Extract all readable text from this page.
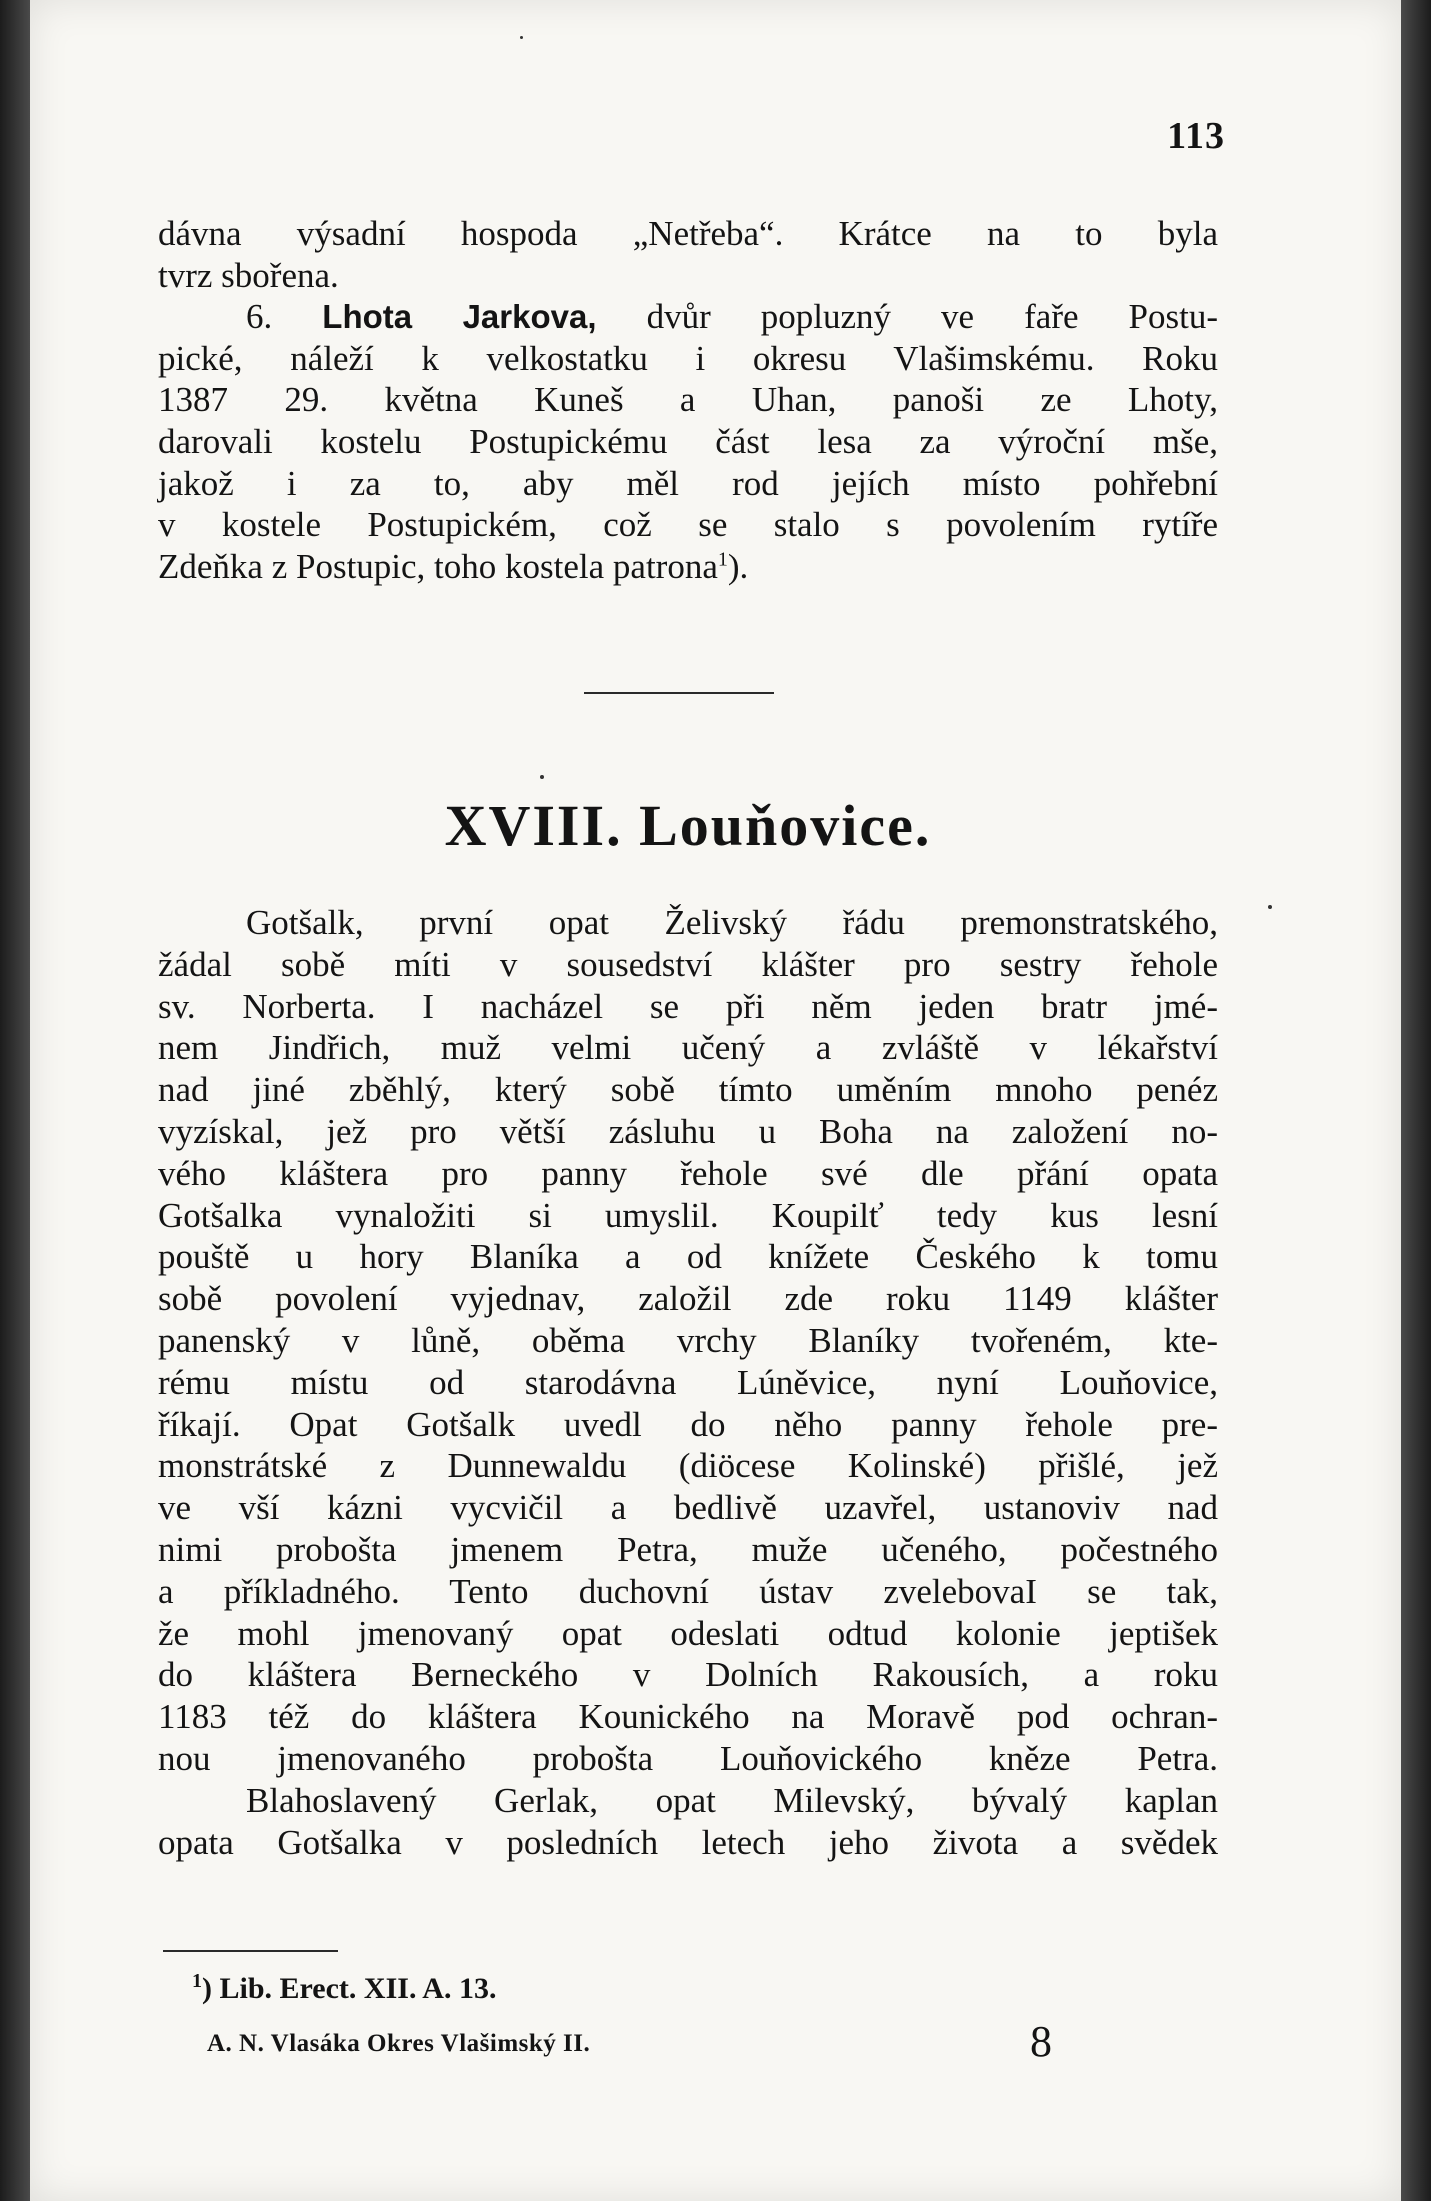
113
dávna výsadní hospoda „Netřeba“. Krátce na to byla
tvrz sbořena.
6. Lhota Jarkova, dvůr popluzný ve faře Postu-
pické, náleží k velkostatku i okresu Vlašimskému. Roku
1387 29. května Kuneš a Uhan, panoši ze Lhoty,
darovali kostelu Postupickému část lesa za výroční mše,
jakož i za to, aby měl rod jejích místo pohřební
v kostele Postupickém, což se stalo s povolením rytíře
Zdeňka z Postupic, toho kostela patrona$^1$).
XVIII. Louňovice.
Gotšalk, první opat Želivský řádu premonstratského,
žádal sobě míti v sousedství klášter pro sestry řehole
sv. Norberta. I nacházel se při něm jeden bratr jmé-
nem Jindřich, muž velmi učený a zvláště v lékařství
nad jiné zběhlý, který sobě tímto uměním mnoho penéz
vyzískal, jež pro větší zásluhu u Boha na založení no-
vého kláštera pro panny řehole své dle přání opata
Gotšalka vynaložiti si umyslil. Koupilť tedy kus lesní
pouště u hory Blaníka a od knížete Českého k tomu
sobě povolení vyjednav, založil zde roku 1149 klášter
panenský v lůně, oběma vrchy Blaníky tvořeném, kte-
rému místu od starodávna Lúněvice, nyní Louňovice,
říkají. Opat Gotšalk uvedl do něho panny řehole pre-
monstrátské z Dunnewaldu (diöcese Kolinské) přišlé, jež
ve vší kázni vycvičil a bedlivě uzavřel, ustanoviv nad
nimi probošta jmenem Petra, muže učeného, počestného
a příkladného. Tento duchovní ústav zvelebovaI se tak,
že mohl jmenovaný opat odeslati odtud kolonie jeptišek
do kláštera Berneckého v Dolních Rakousích, a roku
1183 též do kláštera Kounického na Moravě pod ochran-
nou jmenovaného probošta Louňovického kněze Petra.
Blahoslavený Gerlak, opat Milevský, bývalý kaplan
opata Gotšalka v posledních letech jeho života a svědek
$^1$) Lib. Erect. XII. A. 13.
A. N. Vlasáka Okres Vlašimský II.	8
